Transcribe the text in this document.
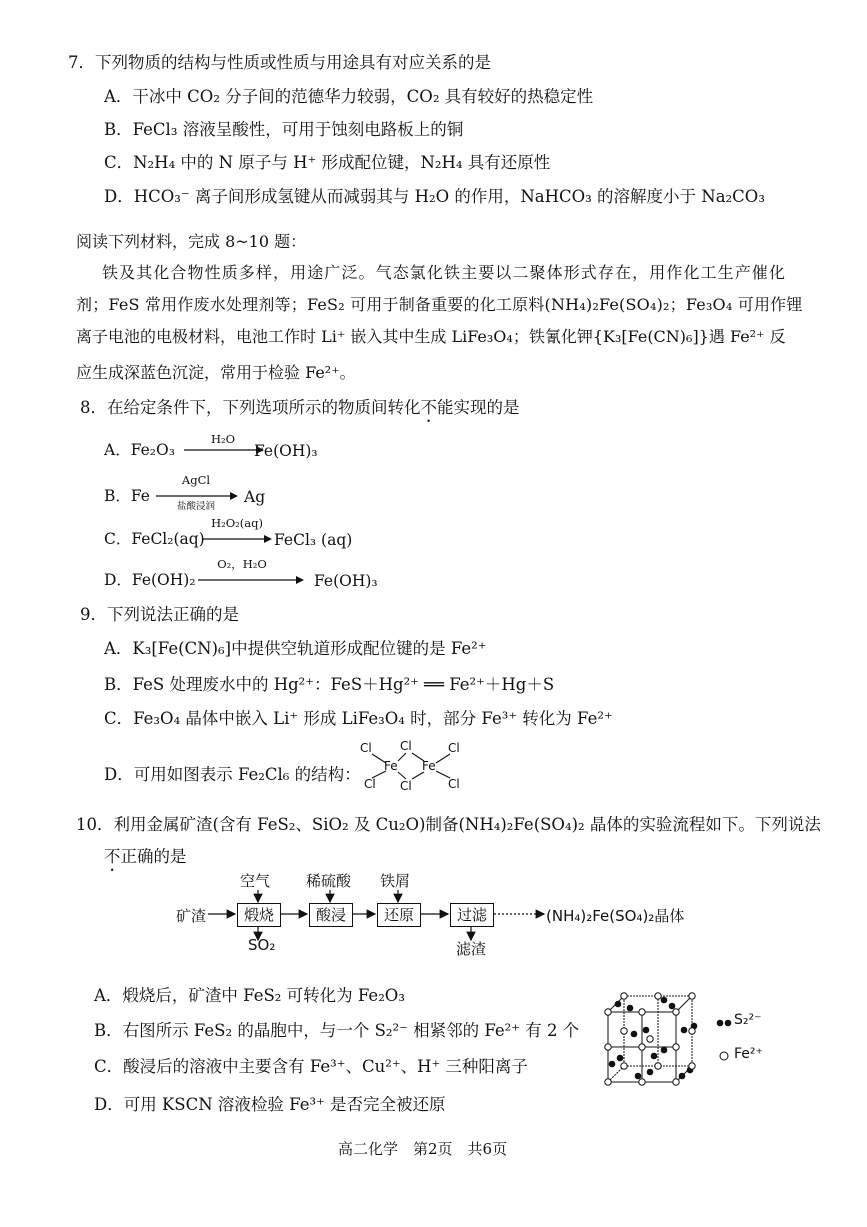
7．下列物质的结构与性质或性质与用途具有对应关系的是
A．干冰中 CO₂ 分子间的范德华力较弱，CO₂ 具有较好的热稳定性
B．FeCl₃ 溶液呈酸性，可用于蚀刻电路板上的铜
C．N₂H₄ 中的 N 原子与 H⁺ 形成配位键，N₂H₄ 具有还原性
D．HCO₃⁻ 离子间形成氢键从而减弱其与 H₂O 的作用，NaHCO₃ 的溶解度小于 Na₂CO₃
阅读下列材料，完成 8~10 题：
铁及其化合物性质多样，用途广泛。气态氯化铁主要以二聚体形式存在，用作化工生产催化
剂；FeS 常用作废水处理剂等；FeS₂ 可用于制备重要的化工原料(NH₄)₂Fe(SO₄)₂；Fe₃O₄ 可用作锂
离子电池的电极材料，电池工作时 Li⁺ 嵌入其中生成 LiFe₃O₄；铁氰化钾{K₃[Fe(CN)₆]}遇 Fe²⁺ 反
应生成深蓝色沉淀，常用于检验 Fe²⁺。
8．在给定条件下，下列选项所示的物质间转化不能实现的是
A．Fe₂O₃
H₂O
Fe(OH)₃
B．Fe
AgCl
盐酸浸润
Ag
C．FeCl₂(aq)
H₂O₂(aq)
FeCl₃ (aq)
D．Fe(OH)₂
O₂，H₂O
Fe(OH)₃
9．下列说法正确的是
A．K₃[Fe(CN)₆]中提供空轨道形成配位键的是 Fe²⁺
B．FeS 处理废水中的 Hg²⁺：FeS＋Hg²⁺ ══ Fe²⁺＋Hg＋S
C．Fe₃O₄ 晶体中嵌入 Li⁺ 形成 LiFe₃O₄ 时，部分 Fe³⁺ 转化为 Fe²⁺
D．可用如图表示 Fe₂Cl₆ 的结构：
Cl Cl	Cl
Fe Fe
Cl Cl	Cl
10．利用金属矿渣(含有 FeS₂、SiO₂ 及 Cu₂O)制备(NH₄)₂Fe(SO₄)₂ 晶体的实验流程如下。下列说法
不正确的是
矿渣	煅烧	酸浸	还原	过滤
空气 稀硫酸 铁屑
SO₂	滤渣
(NH₄)₂Fe(SO₄)₂晶体
A．煅烧后，矿渣中 FeS₂ 可转化为 Fe₂O₃
B．右图所示 FeS₂ 的晶胞中，与一个 S₂²⁻ 相紧邻的 Fe²⁺ 有 2 个
C．酸浸后的溶液中主要含有 Fe³⁺、Cu²⁺、H⁺ 三种阳离子
D．可用 KSCN 溶液检验 Fe³⁺ 是否完全被还原
S₂²⁻
Fe²⁺
高二化学　第2页　共6页
